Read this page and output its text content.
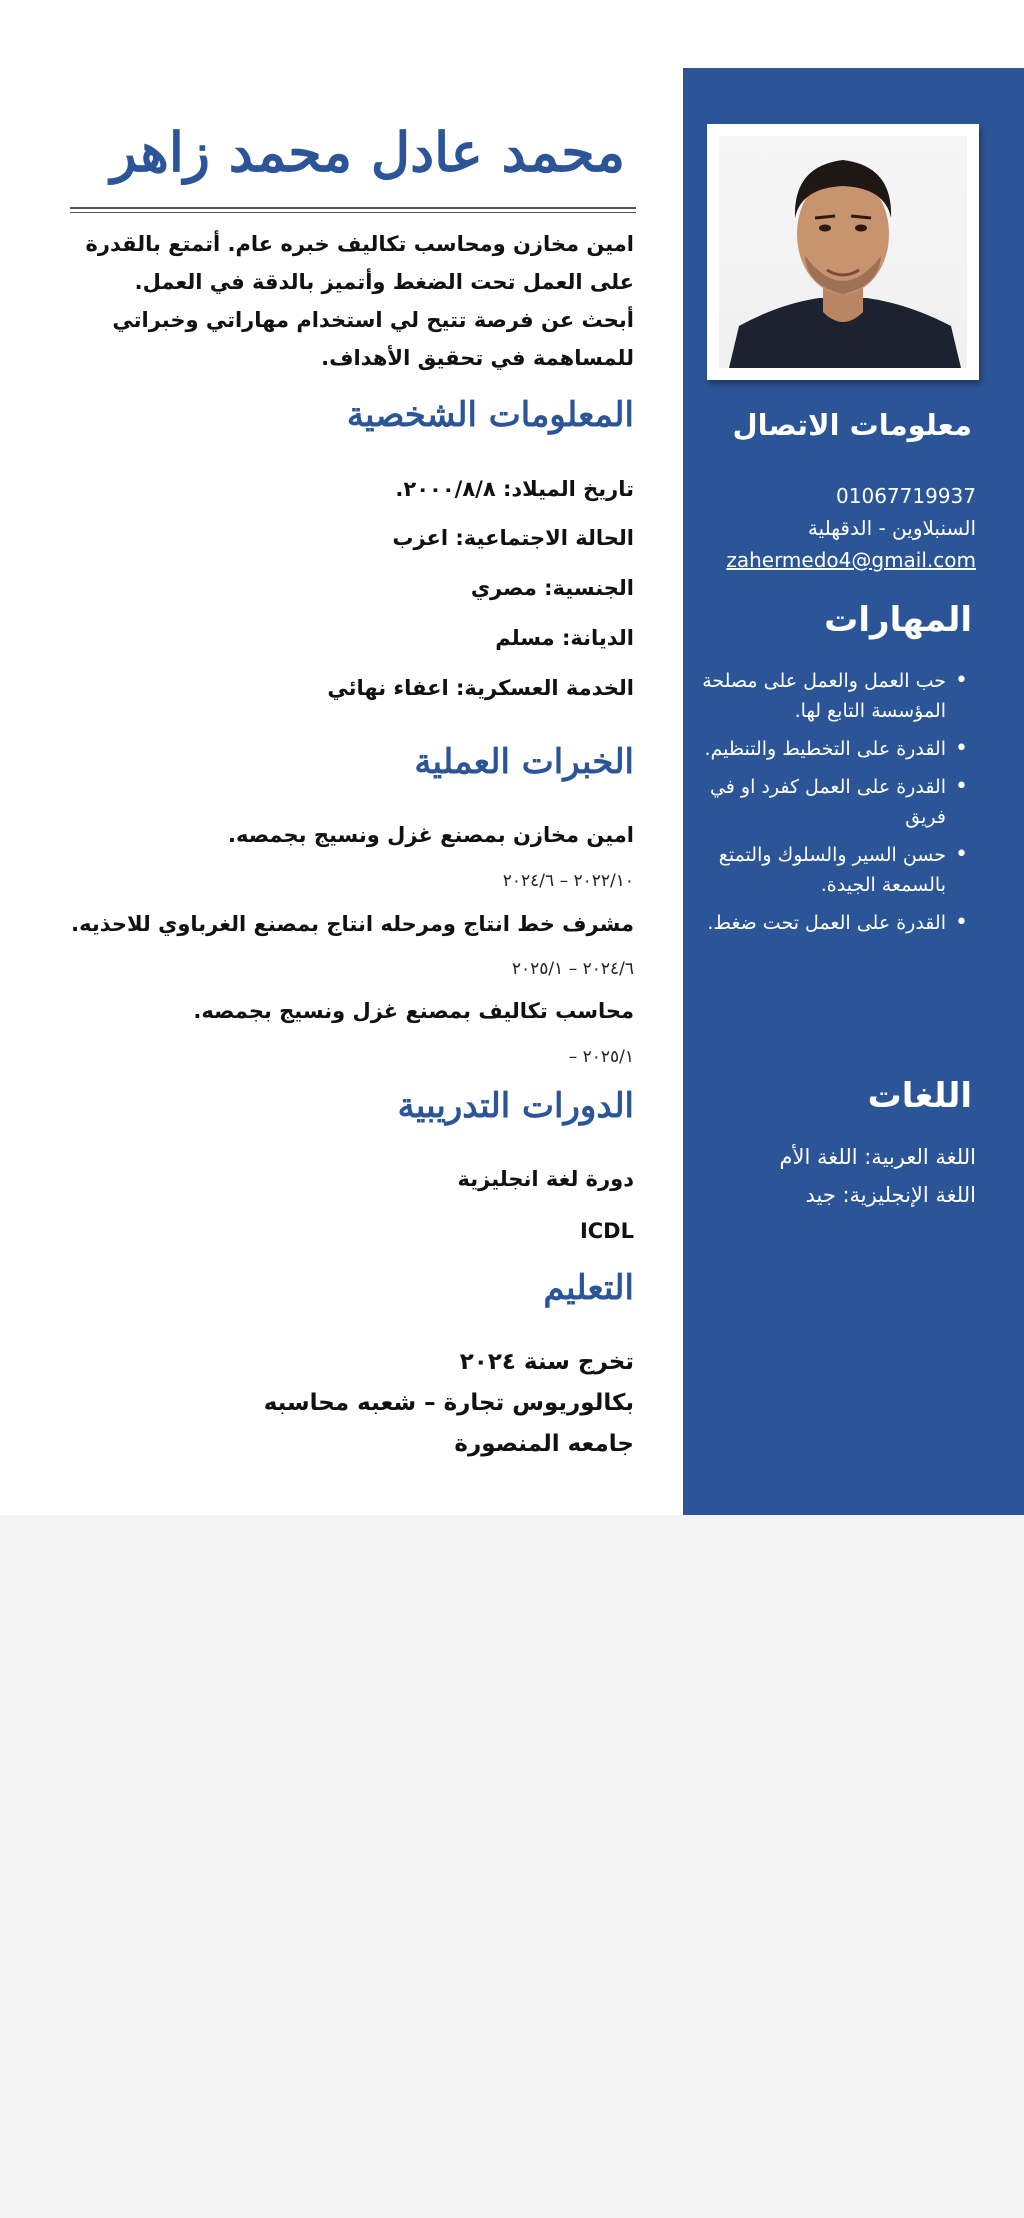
محمد عادل محمد زاهر
امين مخازن ومحاسب تكاليف خبره عام. أتمتع بالقدرة
على العمل تحت الضغط وأتميز بالدقة في العمل.
أبحث عن فرصة تتيح لي استخدام مهاراتي وخبراتي
للمساهمة في تحقيق الأهداف.
المعلومات الشخصية
تاريخ الميلاد: ٢٠٠٠/٨/٨.
الحالة الاجتماعية: اعزب
الجنسية: مصري
الديانة: مسلم
الخدمة العسكرية: اعفاء نهائي
الخبرات العملية
امين مخازن بمصنع غزل ونسيج بجمصه.
٢٠٢٢/١٠ – ٢٠٢٤/٦
مشرف خط انتاج ومرحله انتاج بمصنع الغرباوي للاحذيه.
٢٠٢٤/٦ – ٢٠٢٥/١
محاسب تكاليف بمصنع غزل ونسيج بجمصه.
٢٠٢٥/١ –
الدورات التدريبية
دورة لغة انجليزية
ICDL
التعليم
تخرج سنة ٢٠٢٤
بكالوريوس تجارة – شعبه محاسبه
جامعه المنصورة
معلومات الاتصال
01067719937
السنبلاوين - الدقهلية
zahermedo4@gmail.com
المهارات
• حب العمل والعمل على مصلحة المؤسسة التابع لها.
• القدرة على التخطيط والتنظيم.
• القدرة على العمل كفرد او في فريق
• حسن السير والسلوك والتمتع بالسمعة الجيدة.
• القدرة على العمل تحت ضغط.
اللغات
اللغة العربية: اللغة الأم
اللغة الإنجليزية: جيد
